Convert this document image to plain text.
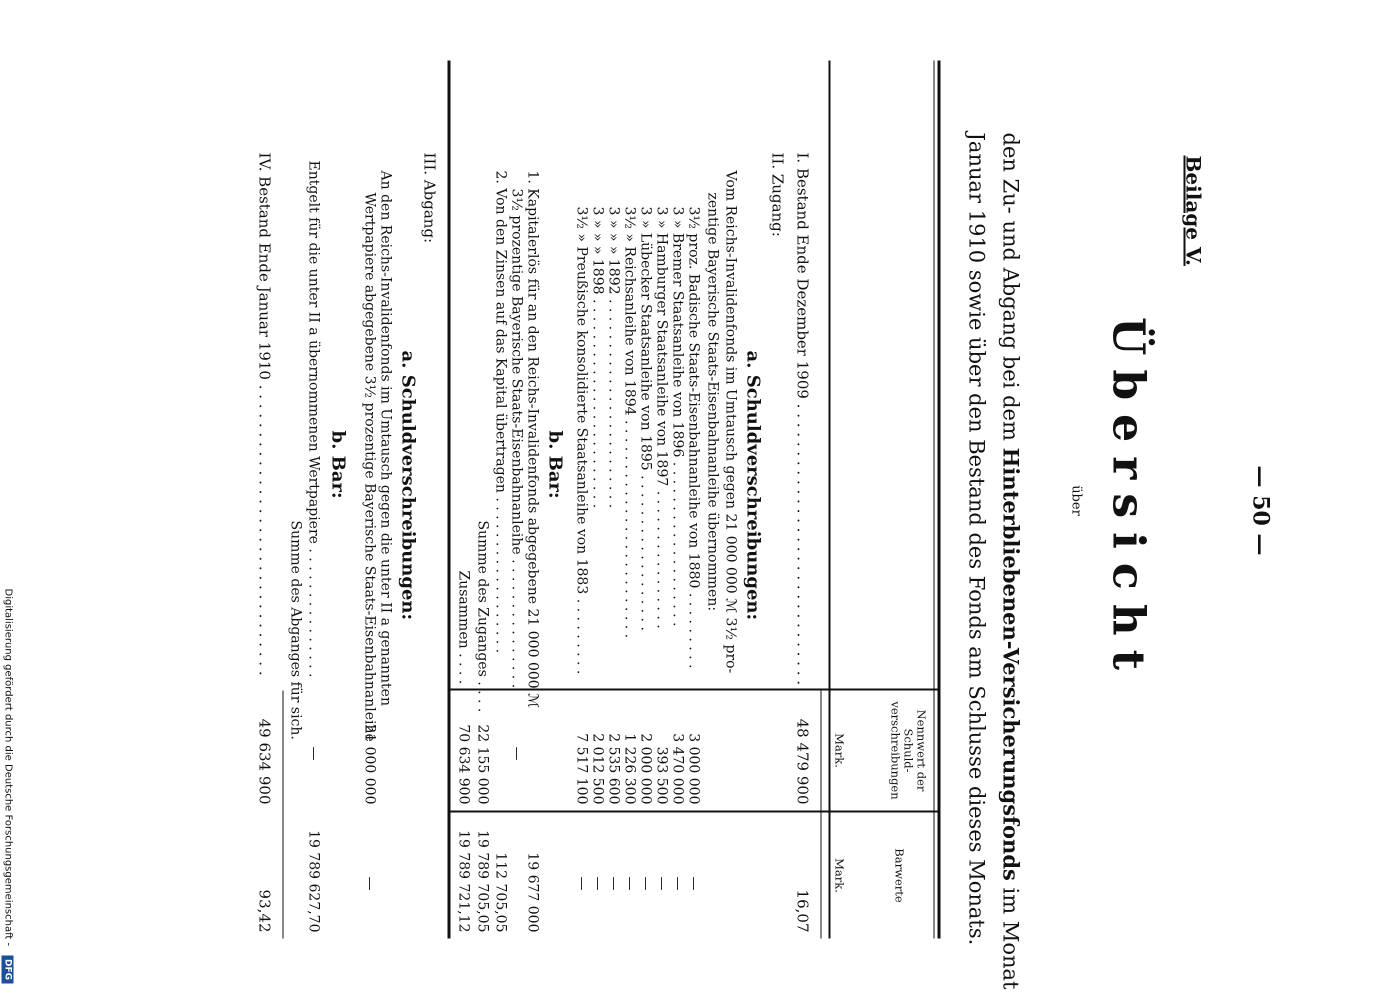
— 50 —
Beilage V.
Übersicht
über
den Zu- und Abgang bei dem Hinterbliebenen-Versicherungsfonds im Monat
Januar 1910 sowie über den Bestand des Fonds am Schlusse dieses Monats.
Nennwert der Schuld- verschreibungen
Mark.
Barwerte
Mark.
I. Bestand Ende Dezember 1909 . . . . . . . . . . . . . . . . . . . . . . . . . . . . . .
48 479 900
16,07
II. Zugang:
a. Schuldverschreibungen:
Vom Reichs-Invalidenfonds im Umtausch gegen 21 000 000 ℳ 3½ pro-
zentige Bayerische Staats-Eisenbahnanleihe übernommen:
3½ proz. Badische Staats-Eisenbahnanleihe von 1880 . . . . . . . . .
3 000 000
—
3 » Bremer Staatsanleihe von 1896 . . . . . . . . . . . . . . . . . . .
3 470 000
—
3 » Hamburger Staatsanleihe von 1897 . . . . . . . . . . . . . . . .
393 500
—
3 » Lübecker Staatsanleihe von 1895 . . . . . . . . . . . . . . . . . .
2 000 000
—
3½ » Reichsanleihe von 1894 . . . . . . . . . . . . . . . . . . . . . . . . .
1 226 300
—
3 » » » 1892 . . . . . . . . . . . . . . . . . . . . . . . .
2 535 600
—
3 » » » 1898 . . . . . . . . . . . . . . . . . . . . . . . .
2 012 500
—
3½ » Preußische konsolidierte Staatsanleihe von 1883 . . . . . . . . .
7 517 100
—
b. Bar:
1. Kapitalerlös für an den Reichs-Invalidenfonds abgegebene 21 000 000 ℳ
19 677 000
3½ prozentige Bayerische Staats-Eisenbahnanleihe . . . . . . . . . . . . . . .
—
2. Von den Zinsen auf das Kapital übertragen . . . . . . . . . . . . . . . . . .
112 705,05
Summe des Zuganges . . . .
22 155 000
19 789 705,05
Zusammen . . . .
70 634 900
19 789 721,12
III. Abgang:
a. Schuldverschreibungen:
An den Reichs-Invalidenfonds im Umtausch gegen die unter II a genannten
Wertpapiere abgegebene 3½ prozentige Bayerische Staats-Eisenbahnanleihe
21 000 000
—
b. Bar:
Entgelt für die unter II a übernommenen Wertpapiere . . . . . . . . . . . . . . .
—
19 789 627,70
Summe des Abganges für sich.
IV. Bestand Ende Januar 1910 . . . . . . . . . . . . . . . . . . . . . . . . . . . . . . .
49 634 900
93,42
Digitalisierung gefördert durch die Deutsche Forschungsgemeinschaft -
DFG
